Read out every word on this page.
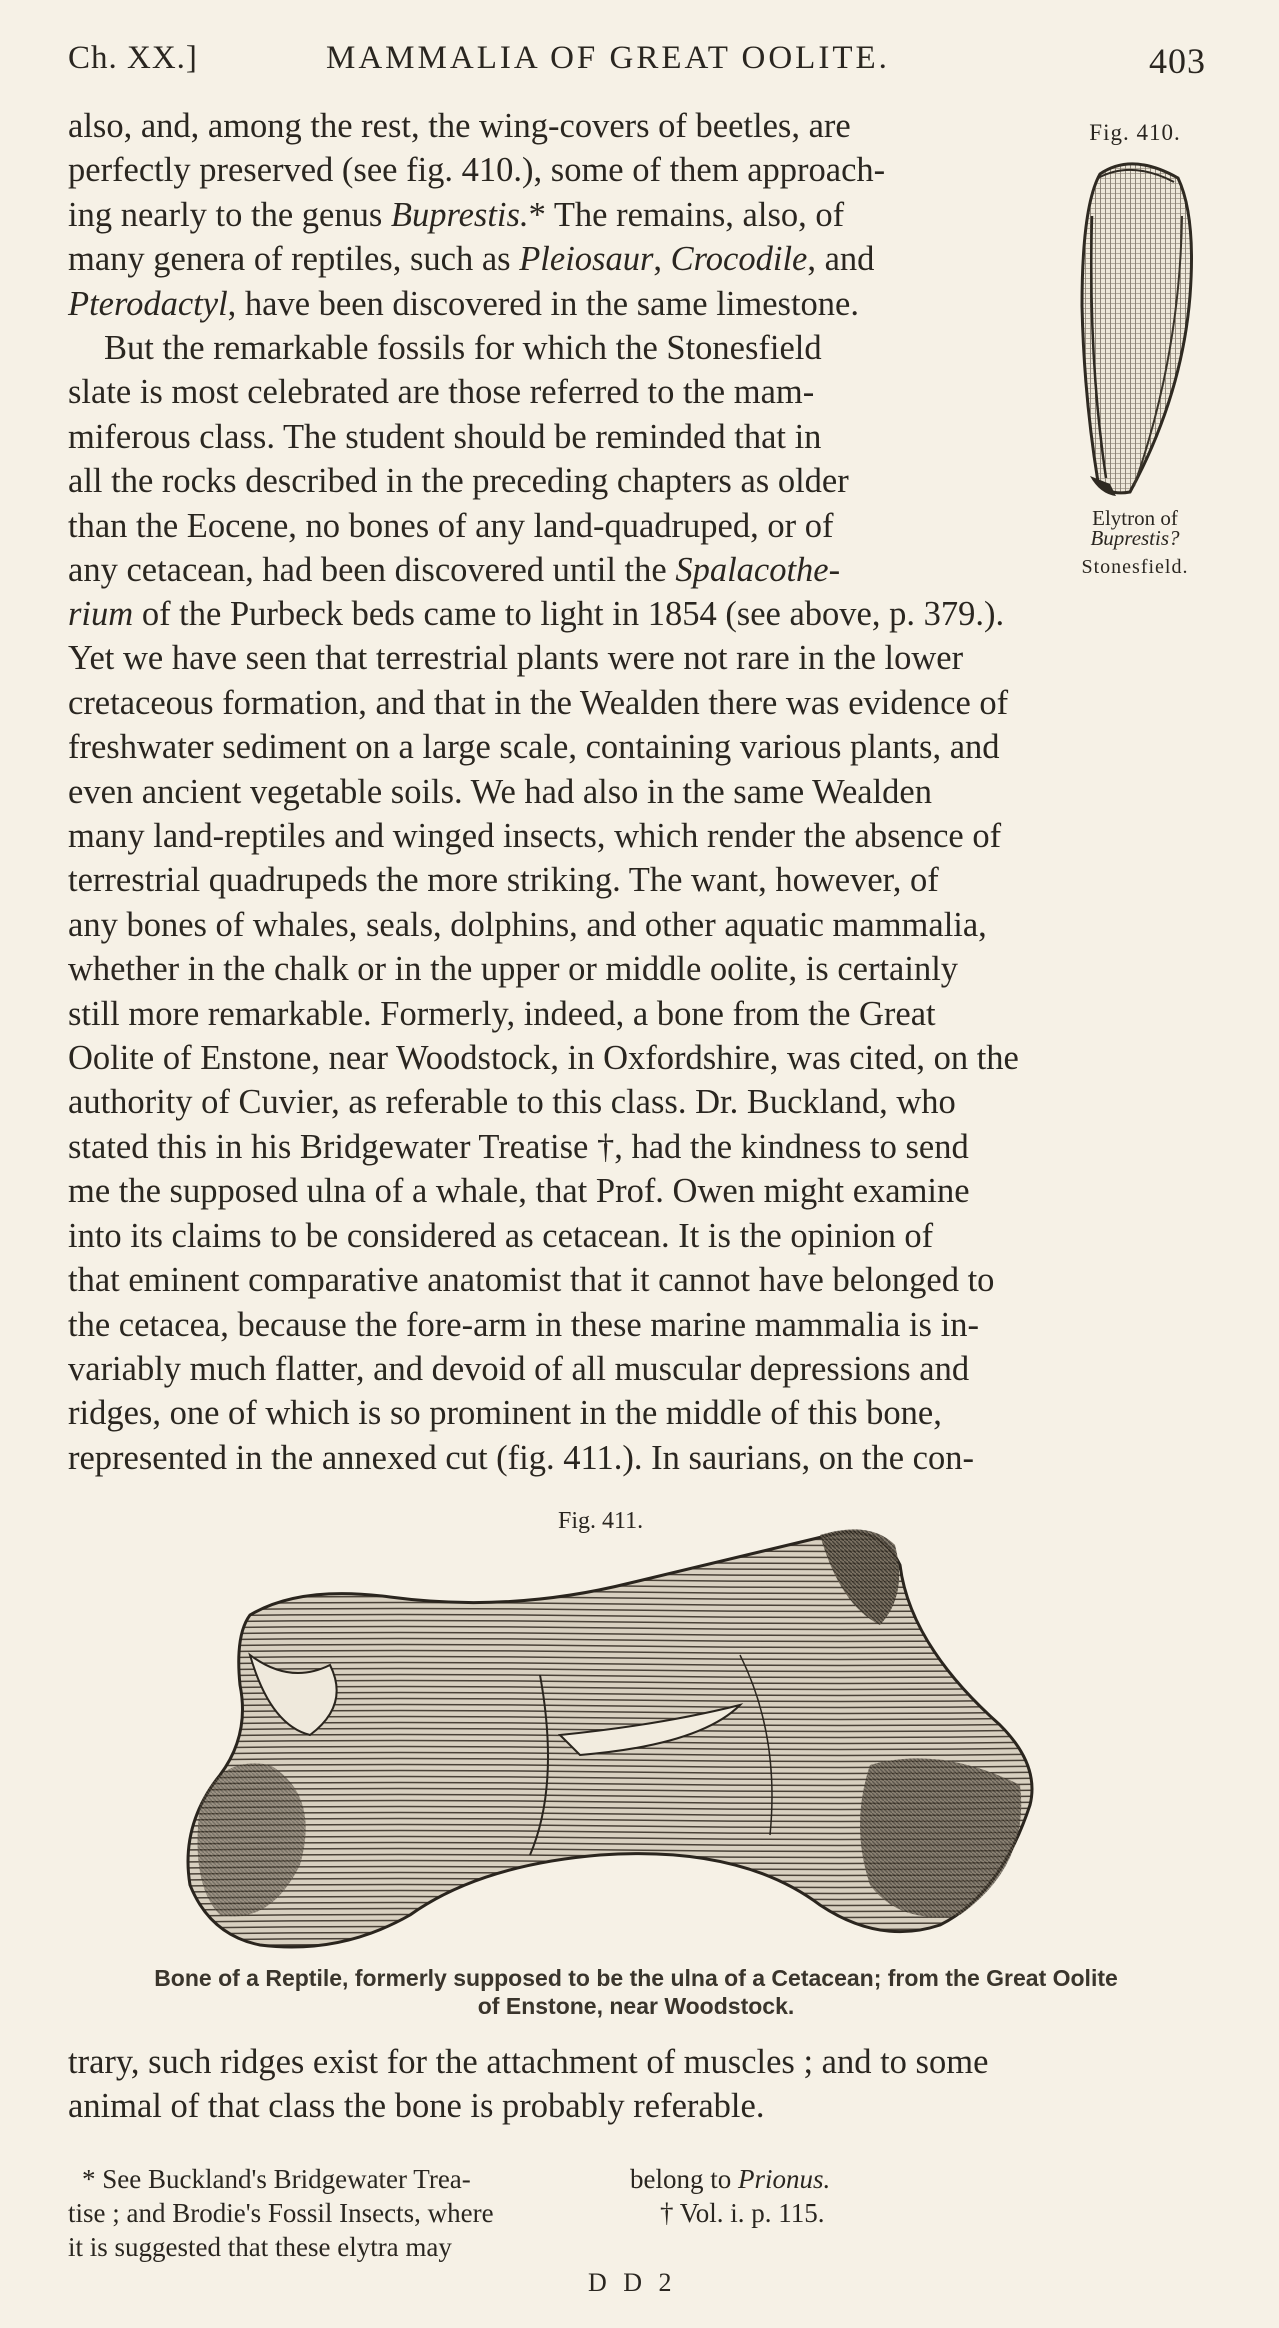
Ch. XX.]	MAMMALIA OF GREAT OOLITE.	403
also, and, among the rest, the wing-covers of beetles, are
perfectly preserved (see fig. 410.), some of them approach-
ing nearly to the genus Buprestis.* The remains, also, of
many genera of reptiles, such as Pleiosaur, Crocodile, and
Pterodactyl, have been discovered in the same limestone.
But the remarkable fossils for which the Stonesfield
slate is most celebrated are those referred to the mam-
miferous class. The student should be reminded that in
all the rocks described in the preceding chapters as older
than the Eocene, no bones of any land-quadruped, or of
any cetacean, had been discovered until the Spalacothe-
rium of the Purbeck beds came to light in 1854 (see above, p. 379.).
Yet we have seen that terrestrial plants were not rare in the lower
cretaceous formation, and that in the Wealden there was evidence of
freshwater sediment on a large scale, containing various plants, and
even ancient vegetable soils. We had also in the same Wealden
many land-reptiles and winged insects, which render the absence of
terrestrial quadrupeds the more striking. The want, however, of
any bones of whales, seals, dolphins, and other aquatic mammalia,
whether in the chalk or in the upper or middle oolite, is certainly
still more remarkable. Formerly, indeed, a bone from the Great
Oolite of Enstone, near Woodstock, in Oxfordshire, was cited, on the
authority of Cuvier, as referable to this class. Dr. Buckland, who
stated this in his Bridgewater Treatise †, had the kindness to send
me the supposed ulna of a whale, that Prof. Owen might examine
into its claims to be considered as cetacean. It is the opinion of
that eminent comparative anatomist that it cannot have belonged to
the cetacea, because the fore-arm in these marine mammalia is in-
variably much flatter, and devoid of all muscular depressions and
ridges, one of which is so prominent in the middle of this bone,
represented in the annexed cut (fig. 411.). In saurians, on the con-
Fig. 410.
Elytron of
Buprestis?
Stonesfield.
Fig. 411.
Bone of a Reptile, formerly supposed to be the ulna of a Cetacean; from the Great Oolite
of Enstone, near Woodstock.
trary, such ridges exist for the attachment of muscles ; and to some
animal of that class the bone is probably referable.
* See Buckland's Bridgewater Trea-
tise ; and Brodie's Fossil Insects, where
it is suggested that these elytra may
belong to Prionus.
† Vol. i. p. 115.
D D 2
